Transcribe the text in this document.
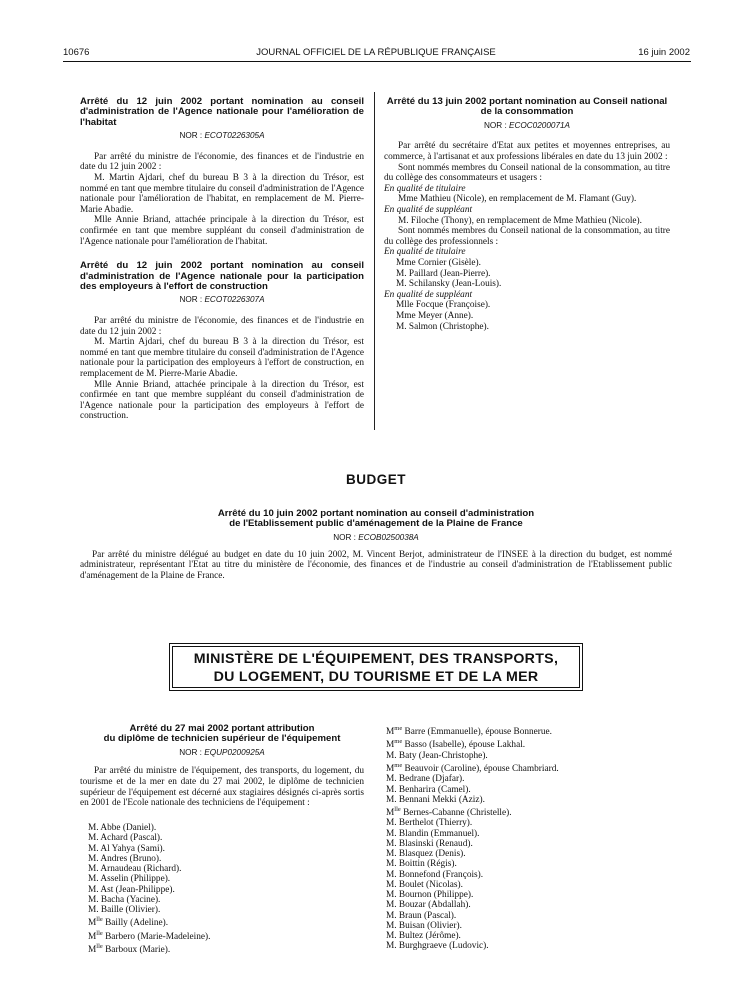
10676	JOURNAL OFFICIEL DE LA RÉPUBLIQUE FRANÇAISE	16 juin 2002
Arrêté du 12 juin 2002 portant nomination au conseil d'administration de l'Agence nationale pour l'amélioration de l'habitat
NOR : ECOT0226305A

Par arrêté du ministre de l'économie, des finances et de l'industrie en date du 12 juin 2002 :

M. Martin Ajdari, chef du bureau B 3 à la direction du Trésor, est nommé en tant que membre titulaire du conseil d'administration de l'Agence nationale pour l'amélioration de l'habitat, en remplacement de M. Pierre-Marie Abadie.

Mlle Annie Briand, attachée principale à la direction du Trésor, est confirmée en tant que membre suppléant du conseil d'administration de l'Agence nationale pour l'amélioration de l'habitat.

Arrêté du 12 juin 2002 portant nomination au conseil d'administration de l'Agence nationale pour la participation des employeurs à l'effort de construction
NOR : ECOT0226307A

Par arrêté du ministre de l'économie, des finances et de l'industrie en date du 12 juin 2002 :

M. Martin Ajdari, chef du bureau B 3 à la direction du Trésor, est nommé en tant que membre titulaire du conseil d'administration de l'Agence nationale pour la participation des employeurs à l'effort de construction, en remplacement de M. Pierre-Marie Abadie.

Mlle Annie Briand, attachée principale à la direction du Trésor, est confirmée en tant que membre suppléant du conseil d'administration de l'Agence nationale pour la participation des employeurs à l'effort de construction.

Arrêté du 13 juin 2002 portant nomination au Conseil national de la consommation
NOR : ECOC0200071A

Par arrêté du secrétaire d'Etat aux petites et moyennes entreprises, au commerce, à l'artisanat et aux professions libérales en date du 13 juin 2002 :

Sont nommés membres du Conseil national de la consommation, au titre du collège des consommateurs et usagers :

En qualité de titulaire

Mme Mathieu (Nicole), en remplacement de M. Flamant (Guy).

En qualité de suppléant

M. Filoche (Thony), en remplacement de Mme Mathieu (Nicole).

Sont nommés membres du Conseil national de la consommation, au titre du collège des professionnels :

En qualité de titulaire

Mme Cornier (Gisèle).
M. Paillard (Jean-Pierre).
M. Schilansky (Jean-Louis).

En qualité de suppléant

Mlle Focque (Françoise).
Mme Meyer (Anne).
M. Salmon (Christophe).
BUDGET
Arrêté du 10 juin 2002 portant nomination au conseil d'administration
de l'Etablissement public d'aménagement de la Plaine de France
NOR : ECOB0250038A
Par arrêté du ministre délégué au budget en date du 10 juin 2002, M. Vincent Berjot, administrateur de l'INSEE à la direction du budget, est nommé administrateur, représentant l'Etat au titre du ministère de l'économie, des finances et de l'industrie au conseil d'administration de l'Etablissement public d'aménagement de la Plaine de France.
MINISTÈRE DE L'ÉQUIPEMENT, DES TRANSPORTS,
DU LOGEMENT, DU TOURISME ET DE LA MER
Arrêté du 27 mai 2002 portant attribution
du diplôme de technicien supérieur de l'équipement
NOR : EQUP0200925A

Par arrêté du ministre de l'équipement, des transports, du logement, du tourisme et de la mer en date du 27 mai 2002, le diplôme de technicien supérieur de l'équipement est décerné aux stagiaires désignés ci-après sortis en 2001 de l'Ecole nationale des techniciens de l'équipement :

M. Abbe (Daniel).
M. Achard (Pascal).
M. Al Yahya (Sami).
M. Andres (Bruno).
M. Arnaudeau (Richard).
M. Asselin (Philippe).
M. Ast (Jean-Philippe).
M. Bacha (Yacine).
M. Baille (Olivier).
$M^{lle}$ Bailly (Adeline).
$M^{lle}$ Barbero (Marie-Madeleine).
$M^{lle}$ Barboux (Marie).
$M^{me}$ Barre (Emmanuelle), épouse Bonnerue.
$M^{me}$ Basso (Isabelle), épouse Lakhal.
M. Baty (Jean-Christophe).
$M^{me}$ Beauvoir (Caroline), épouse Chambriard.
M. Bedrane (Djafar).
M. Benharira (Camel).
M. Bennani Mekki (Aziz).
$M^{lle}$ Bernes-Cabanne (Christelle).
M. Berthelot (Thierry).
M. Blandin (Emmanuel).
M. Blasinski (Renaud).
M. Blasquez (Denis).
M. Boittin (Régis).
M. Bonnefond (François).
M. Boulet (Nicolas).
M. Bournon (Philippe).
M. Bouzar (Abdallah).
M. Braun (Pascal).
M. Buisan (Olivier).
M. Bultez (Jérôme).
M. Burghgraeve (Ludovic).
